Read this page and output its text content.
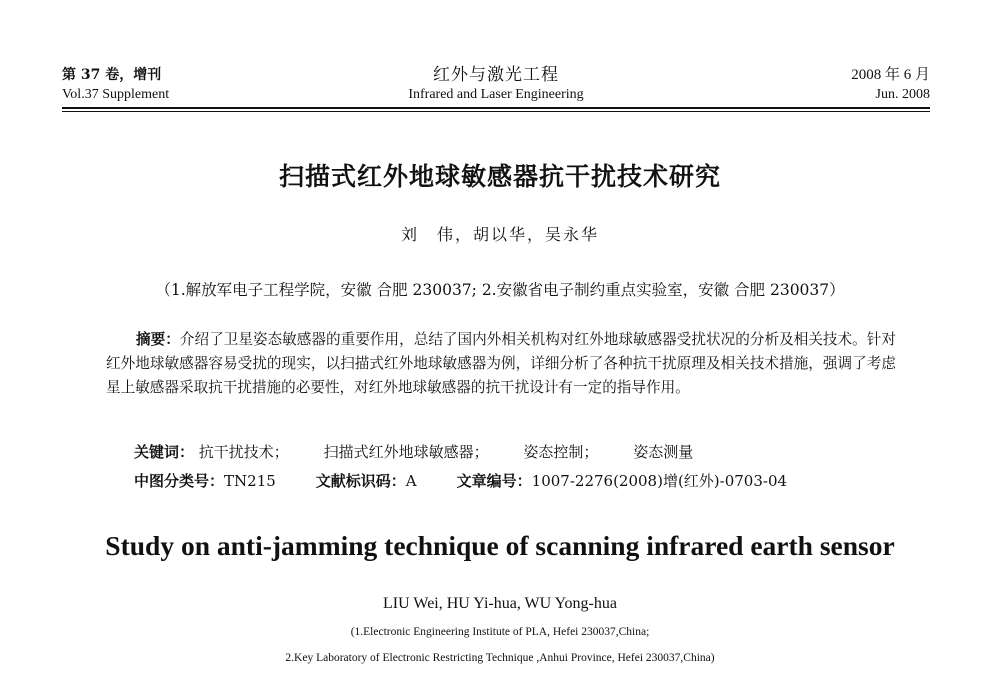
第 37 卷，增刊
Vol.37 Supplement
红外与激光工程
Infrared and Laser Engineering
2008 年 6 月
Jun. 2008
扫描式红外地球敏感器抗干扰技术研究
刘　伟，胡以华，吴永华
（1.解放军电子工程学院，安徽 合肥 230037; 2.安徽省电子制约重点实验室，安徽 合肥 230037）
摘要：介绍了卫星姿态敏感器的重要作用，总结了国内外相关机构对红外地球敏感器受扰状况的分析及相关技术。针对红外地球敏感器容易受扰的现实，以扫描式红外地球敏感器为例，详细分析了各种抗干扰原理及相关技术措施，强调了考虑星上敏感器采取抗干扰措施的必要性，对红外地球敏感器的抗干扰设计有一定的指导作用。
关键词： 抗干扰技术； 扫描式红外地球敏感器； 姿态控制； 姿态测量
中图分类号：TN215	文献标识码：A	文章编号：1007-2276(2008)增(红外)-0703-04
Study on anti-jamming technique of scanning infrared earth sensor
LIU Wei, HU Yi-hua, WU Yong-hua
(1.Electronic Engineering Institute of PLA, Hefei 230037,China;
2.Key Laboratory of Electronic Restricting Technique ,Anhui Province, Hefei 230037,China)
